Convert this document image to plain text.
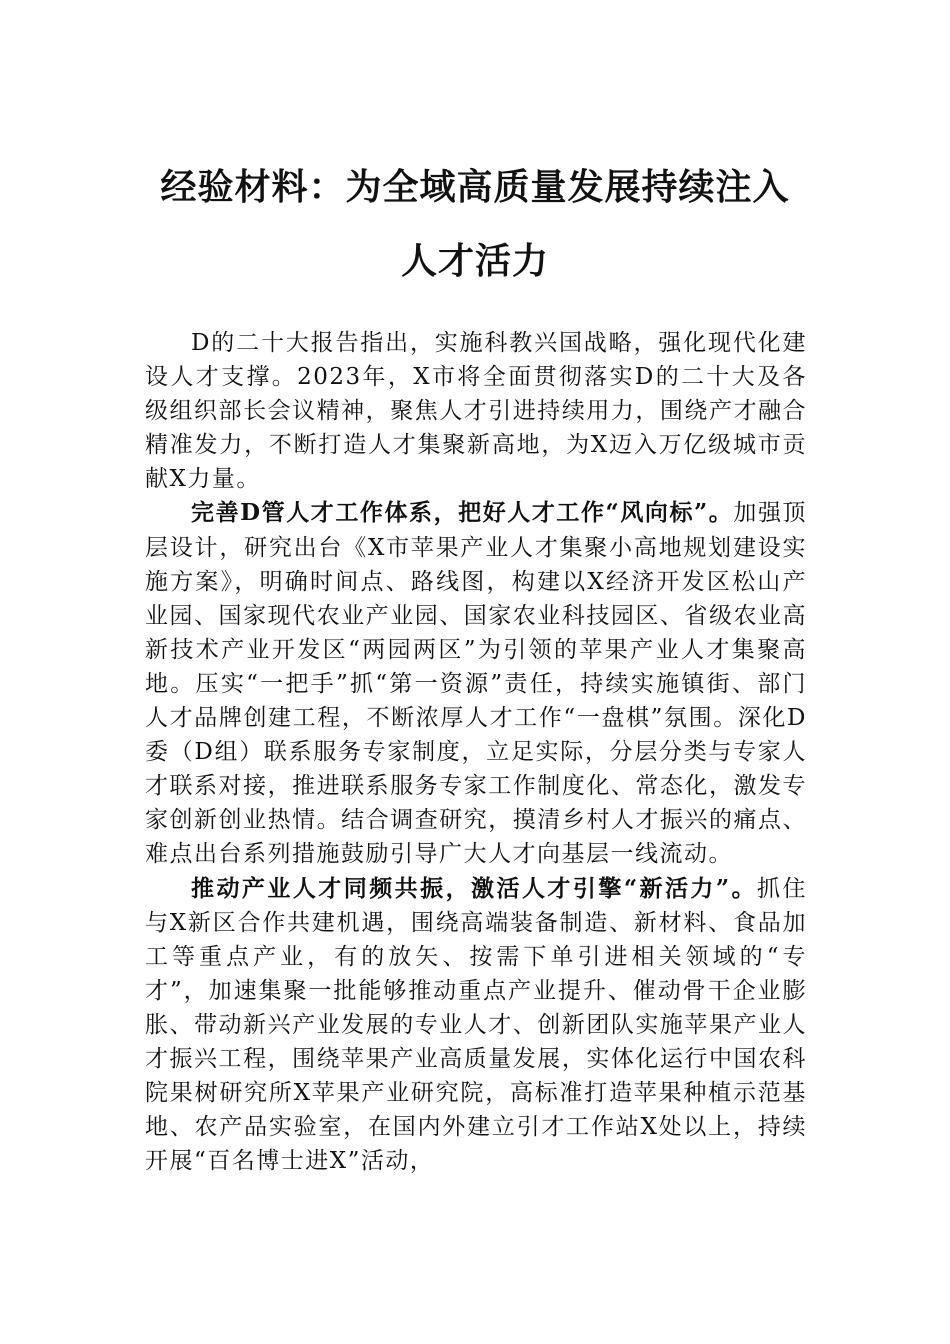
经验材料：为全域高质量发展持续注入人才活力

D的二十大报告指出，实施科教兴国战略，强化现代化建设人才支撑。2023年，X市将全面贯彻落实D的二十大及各级组织部长会议精神，聚焦人才引进持续用力，围绕产才融合精准发力，不断打造人才集聚新高地，为X迈入万亿级城市贡献X力量。

完善D管人才工作体系，把好人才工作“风向标”。加强顶层设计，研究出台《X市苹果产业人才集聚小高地规划建设实施方案》，明确时间点、路线图，构建以X经济开发区松山产业园、国家现代农业产业园、国家农业科技园区、省级农业高新技术产业开发区“两园两区”为引领的苹果产业人才集聚高地。压实“一把手”抓“第一资源”责任，持续实施镇街、部门人才品牌创建工程，不断浓厚人才工作“一盘棋”氛围。深化D委（D组）联系服务专家制度，立足实际，分层分类与专家人才联系对接，推进联系服务专家工作制度化、常态化，激发专家创新创业热情。结合调查研究，摸清乡村人才振兴的痛点、难点出台系列措施鼓励引导广大人才向基层一线流动。

推动产业人才同频共振，激活人才引擎“新活力”。抓住与X新区合作共建机遇，围绕高端装备制造、新材料、食品加工等重点产业，有的放矢、按需下单引进相关领域的“专才”，加速集聚一批能够推动重点产业提升、催动骨干企业膨胀、带动新兴产业发展的专业人才、创新团队实施苹果产业人才振兴工程，围绕苹果产业高质量发展，实体化运行中国农科院果树研究所X苹果产业研究院，高标准打造苹果种植示范基地、农产品实验室，在国内外建立引才工作站X处以上，持续开展“百名博士进X”活动，
